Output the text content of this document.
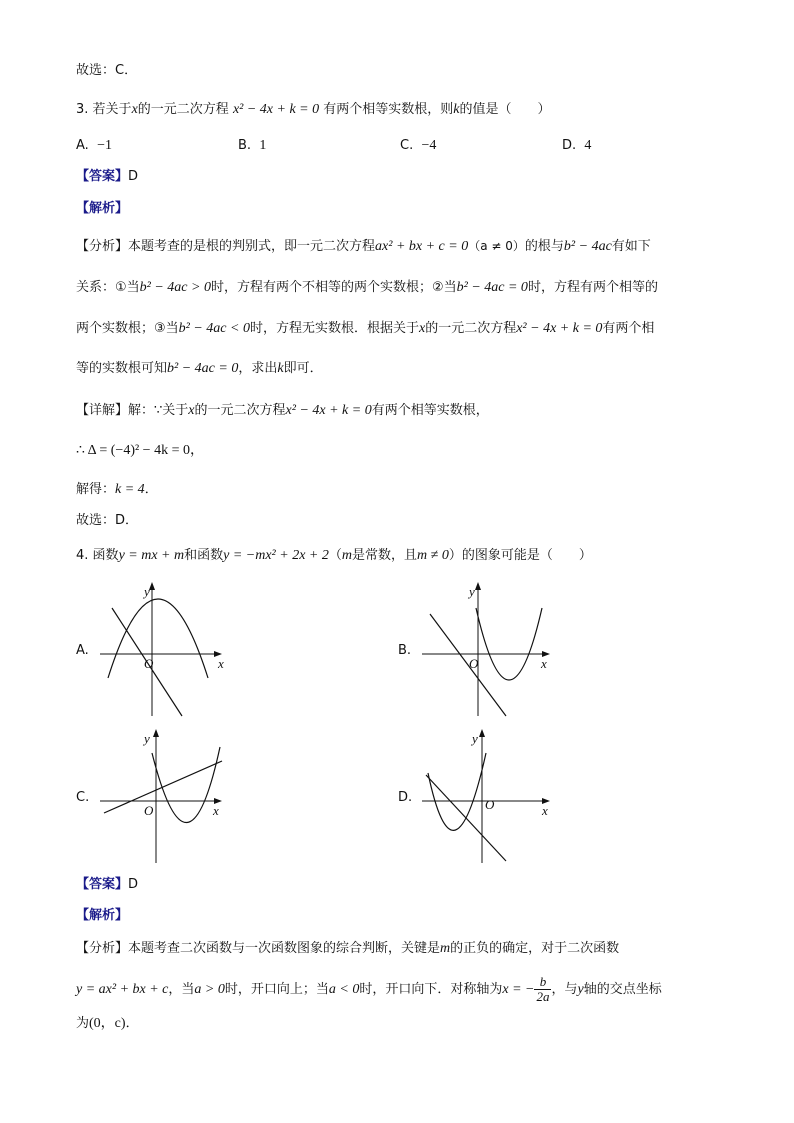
故选：C．
3. 若关于x的一元二次方程 x² − 4x + k = 0 有两个相等实数根，则k的值是（　　）
A. −1	B. 1	C. −4	D. 4
【答案】D
【解析】
【分析】本题考查的是根的判别式，即一元二次方程ax² + bx + c = 0（a ≠ 0）的根与b² − 4ac有如下
关系：①当b² − 4ac > 0时，方程有两个不相等的两个实数根；②当b² − 4ac = 0时，方程有两个相等的
两个实数根；③当b² − 4ac < 0时，方程无实数根．根据关于x的一元二次方程x² − 4x + k = 0有两个相
等的实数根可知b² − 4ac = 0，求出k即可．
【详解】解：∵关于x的一元二次方程x² − 4x + k = 0有两个相等实数根，
∴ Δ = (−4)² − 4k = 0，
解得：k = 4．
故选：D．
4. 函数y = mx + m和函数y = −mx² + 2x + 2（m是常数，且m ≠ 0）的图象可能是（　　）
A.
y
x
O
B.
y
x
O
C.
y
x
O
D.
y
x
O
【答案】D
【解析】
【分析】本题考查二次函数与一次函数图象的综合判断，关键是m的正负的确定，对于二次函数
y = ax² + bx + c，当a > 0时，开口向上；当a < 0时，开口向下．对称轴为x = − $\frac{b}{2a}$ ，与y轴的交点坐标
为(0，c)．
